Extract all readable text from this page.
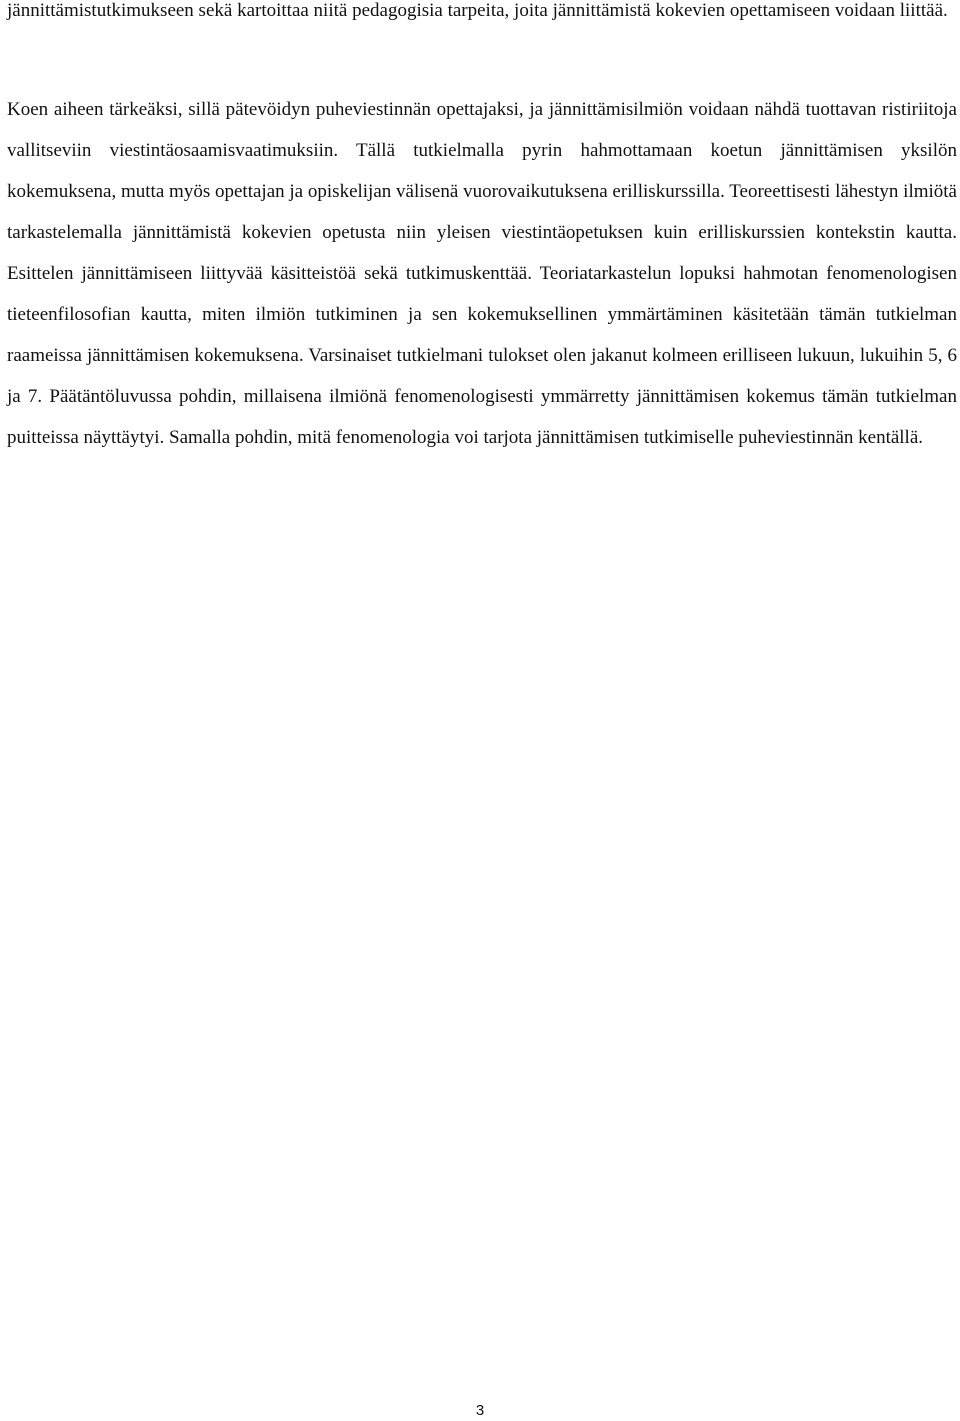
jännittämistutkimukseen sekä kartoittaa niitä pedagogisia tarpeita, joita jännittämistä kokevien opettamiseen voidaan liittää.

Koen aiheen tärkeäksi, sillä pätevöidyn puheviestinnän opettajaksi, ja jännittämisilmiön voidaan nähdä tuottavan ristiriitoja vallitseviin viestintäosaamisvaatimuksiin. Tällä tutkielmalla pyrin hahmottamaan koetun jännittämisen yksilön kokemuksena, mutta myös opettajan ja opiskelijan välisenä vuorovaikutuksena erilliskurssilla. Teoreettisesti lähestyn ilmiötä tarkastelemalla jännittämistä kokevien opetusta niin yleisen viestintäopetuksen kuin erilliskurssien kontekstin kautta. Esittelen jännittämiseen liittyvää käsitteistöä sekä tutkimuskenttää. Teoriatarkastelun lopuksi hahmotan fenomenologisen tieteenfilosofian kautta, miten ilmiön tutkiminen ja sen kokemuksellinen ymmärtäminen käsitetään tämän tutkielman raameissa jännittämisen kokemuksena. Varsinaiset tutkielmani tulokset olen jakanut kolmeen erilliseen lukuun, lukuihin 5, 6 ja 7. Päätäntöluvussa pohdin, millaisena ilmiönä fenomenologisesti ymmärretty jännittämisen kokemus tämän tutkielman puitteissa näyttäytyi. Samalla pohdin, mitä fenomenologia voi tarjota jännittämisen tutkimiselle puheviestinnän kentällä.

3
